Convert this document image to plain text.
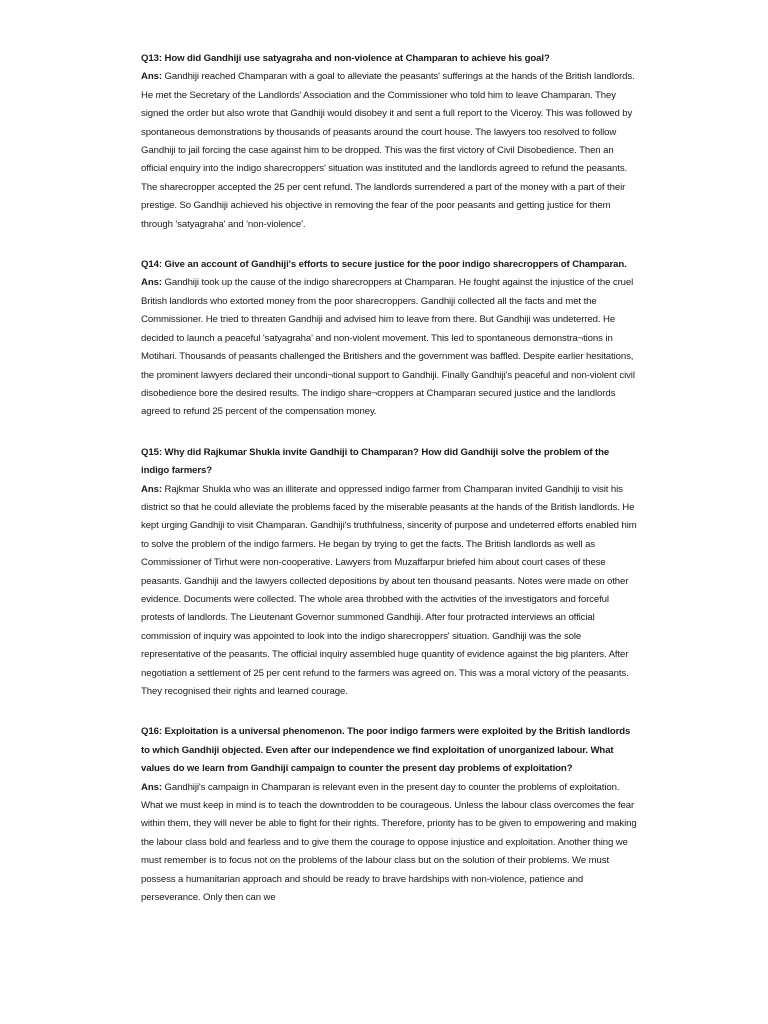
Q13: How did Gandhiji use satyagraha and non-violence at Champaran to achieve his goal?

Ans: Gandhiji reached Champaran with a goal to alleviate the peasants' sufferings at the hands of the British landlords. He met the Secretary of the Landlords' Association and the Commissioner who told him to leave Champaran. They signed the order but also wrote that Gandhiji would disobey it and sent a full report to the Viceroy. This was followed by spontaneous demonstrations by thousands of peasants around the court house. The lawyers too resolved to follow Gandhiji to jail forcing the case against him to be dropped. This was the first victory of Civil Disobedience. Then an official enquiry into the indigo sharecroppers' situation was instituted and the landlords agreed to refund the peasants. The sharecropper accepted the 25 per cent refund. The landlords surrendered a part of the money with a part of their prestige. So Gandhiji achieved his objective in removing the fear of the poor peasants and getting justice for them through 'satyagraha' and 'non-violence'.

Q14: Give an account of Gandhiji's efforts to secure justice for the poor indigo sharecroppers of Champaran.

Ans: Gandhiji took up the cause of the indigo sharecroppers at Champaran. He fought against the injustice of the cruel British landlords who extorted money from the poor sharecroppers. Gandhiji collected all the facts and met the Commissioner. He tried to threaten Gandhiji and advised him to leave from there. But Gandhiji was undeterred. He decided to launch a peaceful 'satyagraha' and non-violent movement. This led to spontaneous demonstra¬tions in Motihari. Thousands of peasants challenged the Britishers and the government was baffled. Despite earlier hesitations, the prominent lawyers declared their uncondi¬tional support to Gandhiji. Finally Gandhiji's peaceful and non-violent civil disobedience bore the desired results. The indigo share¬croppers at Champaran secured justice and the landlords agreed to refund 25 percent of the compensation money.

Q15: Why did Rajkumar Shukla invite Gandhiji to Champaran? How did Gandhiji solve the problem of the indigo farmers?

Ans: Rajkmar Shukla who was an illiterate and oppressed indigo farmer from Champaran invited Gandhiji to visit his district so that he could alleviate the problems faced by the miserable peasants at the hands of the British landlords. He kept urging Gandhiji to visit Champaran. Gandhiji's truthfulness, sincerity of purpose and undeterred efforts enabled him to solve the problem of the indigo farmers. He began by trying to get the facts. The British landlords as well as Commissioner of Tirhut were non-cooperative. Lawyers from Muzaffarpur briefed him about court cases of these peasants. Gandhiji and the lawyers collected depositions by about ten thousand peasants. Notes were made on other evidence. Documents were collected. The whole area throbbed with the activities of the investigators and forceful protests of landlords. The Lieutenant Governor summoned Gandhiji. After four protracted interviews an official commission of inquiry was appointed to look into the indigo sharecroppers' situation. Gandhiji was the sole representative of the peasants. The official inquiry assembled huge quantity of evidence against the big planters. After negotiation a settlement of 25 per cent refund to the farmers was agreed on. This was a moral victory of the peasants. They recognised their rights and learned courage.

Q16: Exploitation is a universal phenomenon. The poor indigo farmers were exploited by the British landlords to which Gandhiji objected. Even after our independence we find exploitation of unorganized labour. What values do we learn from Gandhiji campaign to counter the present day problems of exploitation?

Ans: Gandhiji's campaign in Champaran is relevant even in the present day to counter the problems of exploitation. What we must keep in mind is to teach the downtrodden to be courageous. Unless the labour class overcomes the fear within them, they will never be able to fight for their rights. Therefore, priority has to be given to empowering and making the labour class bold and fearless and to give them the courage to oppose injustice and exploitation. Another thing we must remember is to focus not on the problems of the labour class but on the solution of their problems. We must possess a humanitarian approach and should be ready to brave hardships with non-violence, patience and perseverance. Only then can we
